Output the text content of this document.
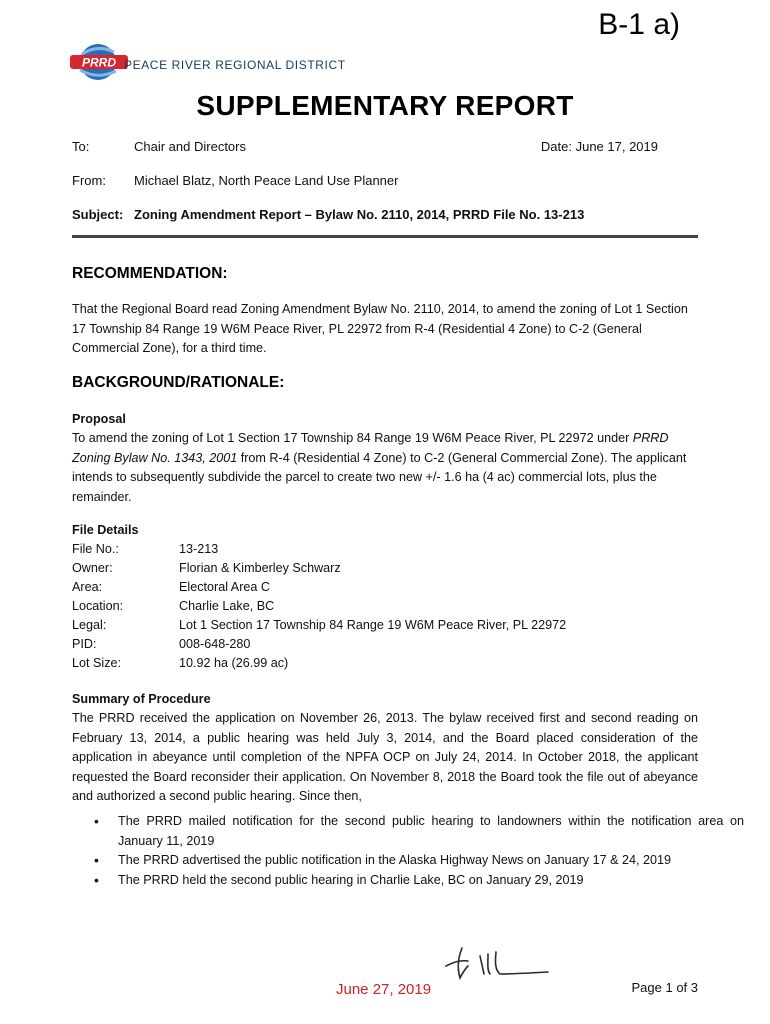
B-1 a)
PRRD PEACE RIVER REGIONAL DISTRICT
SUPPLEMENTARY REPORT
To:	Chair and Directors	Date: June 17, 2019
From: Michael Blatz, North Peace Land Use Planner
Subject: Zoning Amendment Report – Bylaw No. 2110, 2014, PRRD File No. 13-213
RECOMMENDATION:
That the Regional Board read Zoning Amendment Bylaw No. 2110, 2014, to amend the zoning of Lot 1 Section 17 Township 84 Range 19 W6M Peace River, PL 22972 from R-4 (Residential 4 Zone) to C-2 (General Commercial Zone), for a third time.
BACKGROUND/RATIONALE:
Proposal
To amend the zoning of Lot 1 Section 17 Township 84 Range 19 W6M Peace River, PL 22972 under PRRD Zoning Bylaw No. 1343, 2001 from R-4 (Residential 4 Zone) to C-2 (General Commercial Zone). The applicant intends to subsequently subdivide the parcel to create two new +/- 1.6 ha (4 ac) commercial lots, plus the remainder.
File Details
File No.:	13-213
Owner:	Florian & Kimberley Schwarz
Area:	Electoral Area C
Location:	Charlie Lake, BC
Legal:	Lot 1 Section 17 Township 84 Range 19 W6M Peace River, PL 22972
PID:	008-648-280
Lot Size:	10.92 ha (26.99 ac)
Summary of Procedure
The PRRD received the application on November 26, 2013. The bylaw received first and second reading on February 13, 2014, a public hearing was held July 3, 2014, and the Board placed consideration of the application in abeyance until completion of the NPFA OCP on July 24, 2014. In October 2018, the applicant requested the Board reconsider their application. On November 8, 2018 the Board took the file out of abeyance and authorized a second public hearing. Since then,
• The PRRD mailed notification for the second public hearing to landowners within the notification area on January 11, 2019
• The PRRD advertised the public notification in the Alaska Highway News on January 17 & 24, 2019
• The PRRD held the second public hearing in Charlie Lake, BC on January 29, 2019
June 27, 2019	Page 1 of 3
